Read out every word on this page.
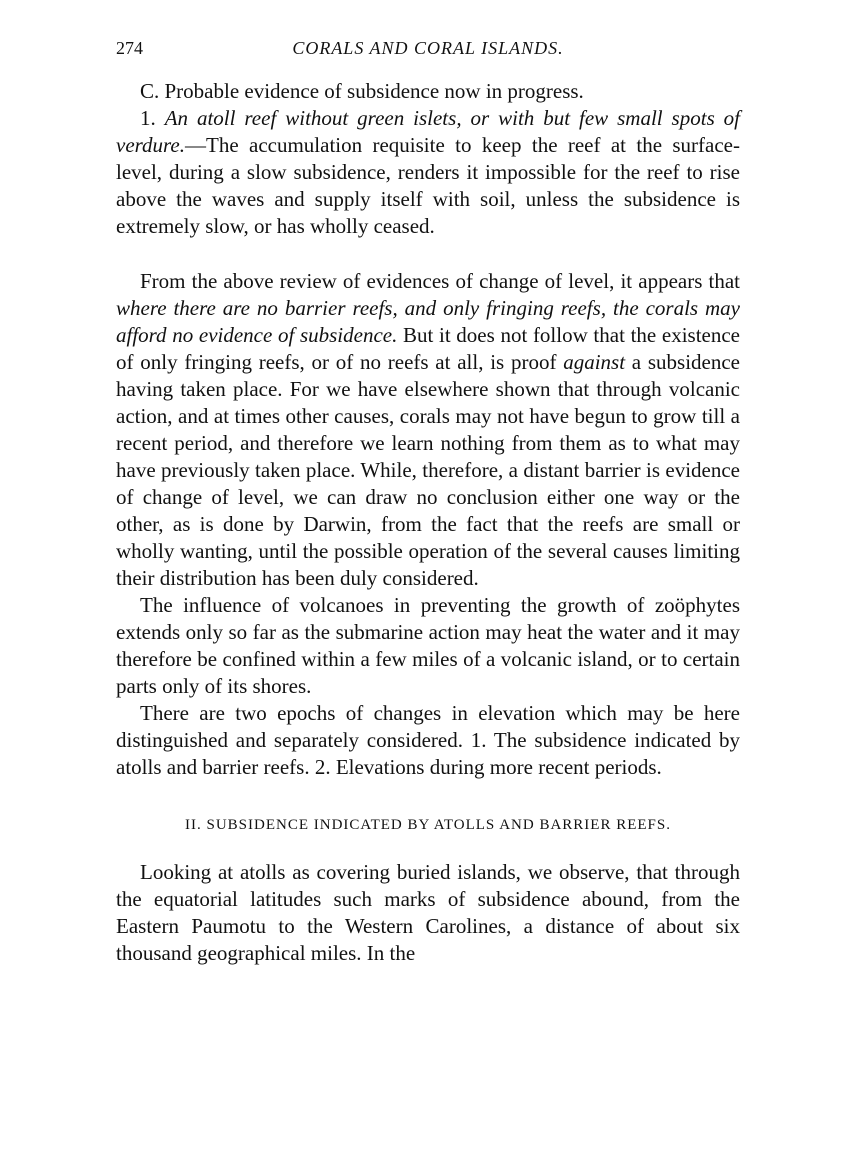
274	CORALS AND CORAL ISLANDS.

C. Probable evidence of subsidence now in progress.

1. An atoll reef without green islets, or with but few small spots of verdure.—The accumulation requisite to keep the reef at the surface-level, during a slow subsidence, renders it impossible for the reef to rise above the waves and supply itself with soil, unless the subsidence is extremely slow, or has wholly ceased.

From the above review of evidences of change of level, it appears that where there are no barrier reefs, and only fringing reefs, the corals may afford no evidence of subsidence. But it does not follow that the existence of only fringing reefs, or of no reefs at all, is proof against a subsidence having taken place. For we have elsewhere shown that through volcanic action, and at times other causes, corals may not have begun to grow till a recent period, and therefore we learn nothing from them as to what may have previously taken place. While, therefore, a distant barrier is evidence of change of level, we can draw no conclusion either one way or the other, as is done by Darwin, from the fact that the reefs are small or wholly wanting, until the possible operation of the several causes limiting their distribution has been duly considered.

The influence of volcanoes in preventing the growth of zoöphytes extends only so far as the submarine action may heat the water and it may therefore be confined within a few miles of a volcanic island, or to certain parts only of its shores.

There are two epochs of changes in elevation which may be here distinguished and separately considered. 1. The subsidence indicated by atolls and barrier reefs. 2. Elevations during more recent periods.

II. SUBSIDENCE INDICATED BY ATOLLS AND BARRIER REEFS.

Looking at atolls as covering buried islands, we observe, that through the equatorial latitudes such marks of subsidence abound, from the Eastern Paumotu to the Western Carolines, a distance of about six thousand geographical miles. In the
